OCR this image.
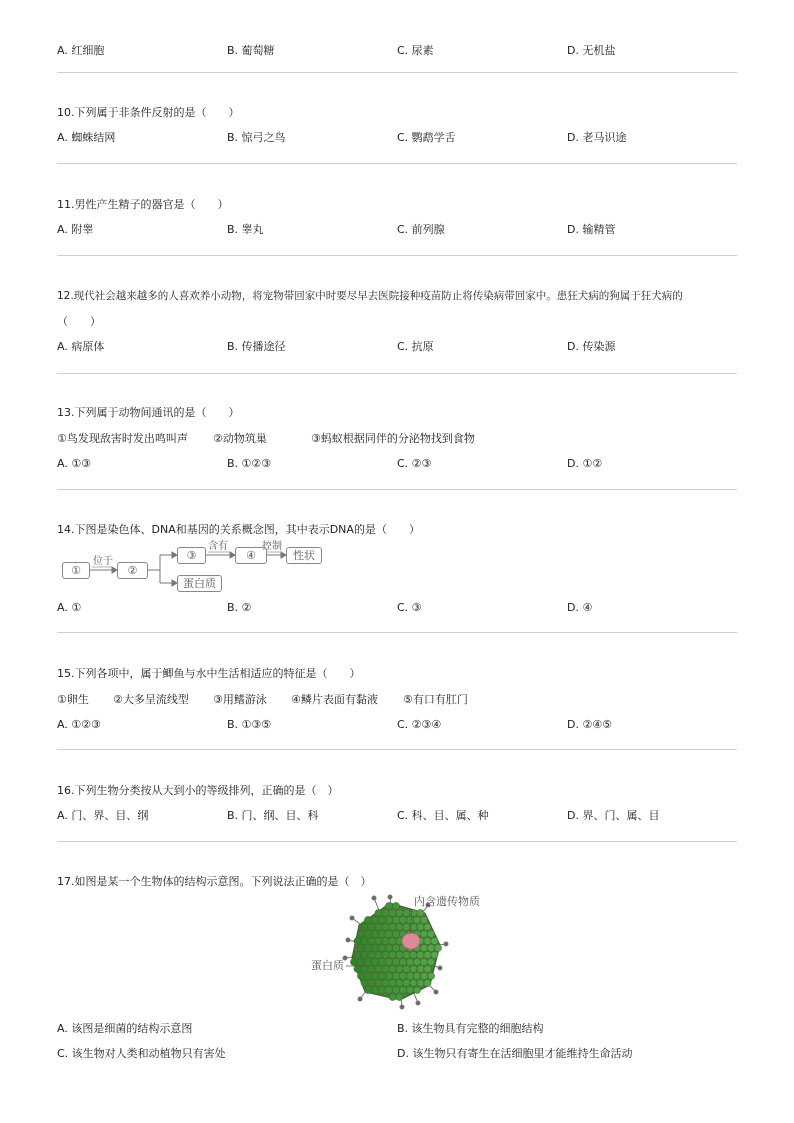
A. 红细胞	B. 葡萄糖	C. 尿素	D. 无机盐
10.下列属于非条件反射的是（　　）
A. 蜘蛛结网	B. 惊弓之鸟	C. 鹦鹉学舌	D. 老马识途
11.男性产生精子的器官是（　　）
A. 附睾	B. 睾丸	C. 前列腺	D. 输精管
12.现代社会越来越多的人喜欢养小动物，将宠物带回家中时要尽早去医院接种疫苗防止将传染病带回家中。患狂犬病的狗属于狂犬病的
（　　）
A. 病原体	B. 传播途径	C. 抗原	D. 传染源
13.下列属于动物间通讯的是（　　）
①鸟发现敌害时发出鸣叫声 ②动物筑巢	③蚂蚁根据同伴的分泌物找到食物
A. ①③	B. ①②③	C. ②③	D. ①②
14.下图是染色体、DNA和基因的关系概念图，其中表示DNA的是（　　）
①
位于
②
③
含有
④
控制
性状
蛋白质
A. ①	B. ②	C. ③	D. ④
15.下列各项中，属于鲫鱼与水中生活相适应的特征是（　　）
①卵生 ②大多呈流线型 ③用鳍游泳 ④鳞片表面有黏液 ⑤有口有肛门
A. ①②③	B. ①③⑤	C. ②③④	D. ②④⑤
16.下列生物分类按从大到小的等级排列，正确的是（　）
A. 门、界、目、纲	B. 门、纲、目、科	C. 科、目、属、种	D. 界、门、属、目
17.如图是某一个生物体的结构示意图。下列说法正确的是（　）
内含遗传物质
蛋白质
A. 该图是细菌的结构示意图	B. 该生物具有完整的细胞结构
C. 该生物对人类和动植物只有害处	D. 该生物只有寄生在活细胞里才能维持生命活动
